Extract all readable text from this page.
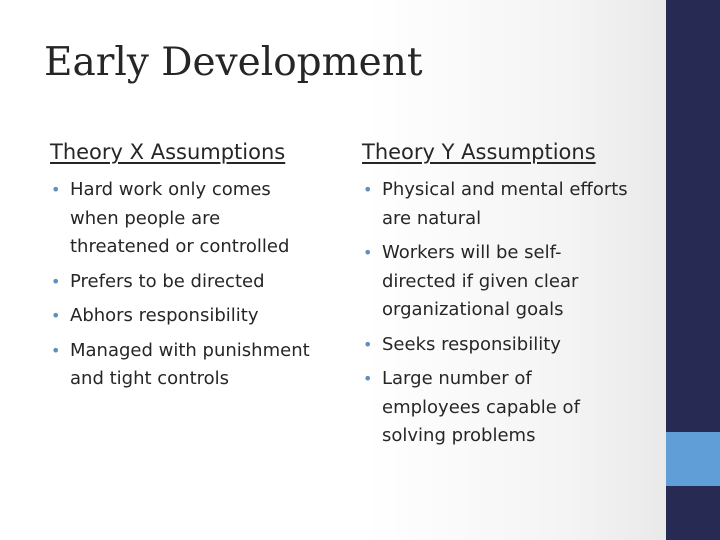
Early Development
Theory X Assumptions
• Hard work only comes when people are threatened or controlled
• Prefers to be directed
• Abhors responsibility
• Managed with punishment and tight controls
Theory Y Assumptions
• Physical and mental efforts are natural
• Workers will be self-directed if given clear organizational goals
• Seeks responsibility
• Large number of employees capable of solving problems
